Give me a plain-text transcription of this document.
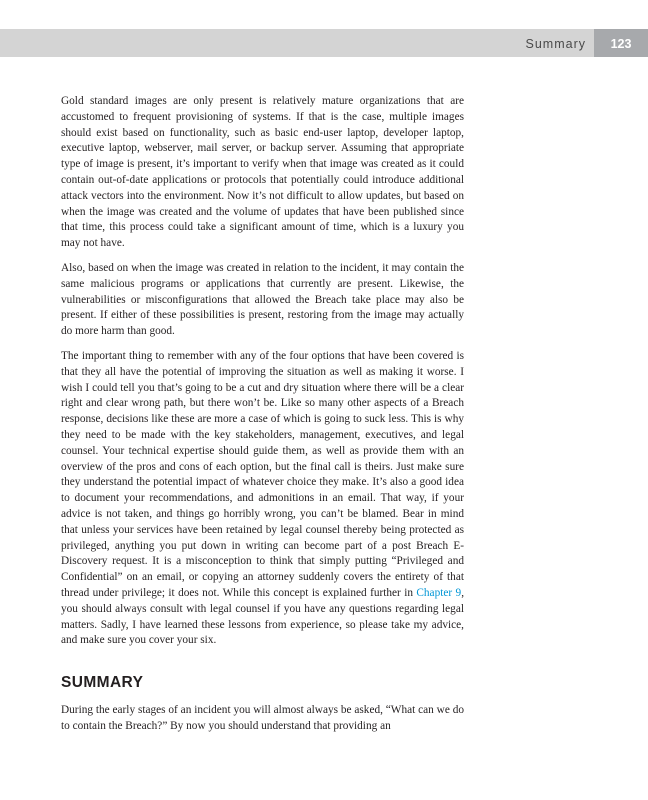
Summary	123

Gold standard images are only present is relatively mature organizations that are accustomed to frequent provisioning of systems. If that is the case, multiple images should exist based on functionality, such as basic end-user laptop, developer laptop, executive laptop, webserver, mail server, or backup server. Assuming that appropriate type of image is present, it’s important to verify when that image was created as it could contain out-of-date applications or protocols that potentially could introduce additional attack vectors into the environment. Now it’s not difficult to allow updates, but based on when the image was created and the volume of updates that have been published since that time, this process could take a significant amount of time, which is a luxury you may not have.

Also, based on when the image was created in relation to the incident, it may contain the same malicious programs or applications that currently are present. Likewise, the vulnerabilities or misconfigurations that allowed the Breach take place may also be present. If either of these possibilities is present, restoring from the image may actually do more harm than good.

The important thing to remember with any of the four options that have been covered is that they all have the potential of improving the situation as well as making it worse. I wish I could tell you that’s going to be a cut and dry situation where there will be a clear right and clear wrong path, but there won’t be. Like so many other aspects of a Breach response, decisions like these are more a case of which is going to suck less. This is why they need to be made with the key stakeholders, management, executives, and legal counsel. Your technical expertise should guide them, as well as provide them with an overview of the pros and cons of each option, but the final call is theirs. Just make sure they understand the potential impact of whatever choice they make. It’s also a good idea to document your recommendations, and admonitions in an email. That way, if your advice is not taken, and things go horribly wrong, you can’t be blamed. Bear in mind that unless your services have been retained by legal counsel thereby being protected as privileged, anything you put down in writing can become part of a post Breach E-Discovery request. It is a misconception to think that simply putting “Privileged and Confidential” on an email, or copying an attorney suddenly covers the entirety of that thread under privilege; it does not. While this concept is explained further in Chapter 9, you should always consult with legal counsel if you have any questions regarding legal matters. Sadly, I have learned these lessons from experience, so please take my advice, and make sure you cover your six.

SUMMARY

During the early stages of an incident you will almost always be asked, “What can we do to contain the Breach?” By now you should understand that providing an
